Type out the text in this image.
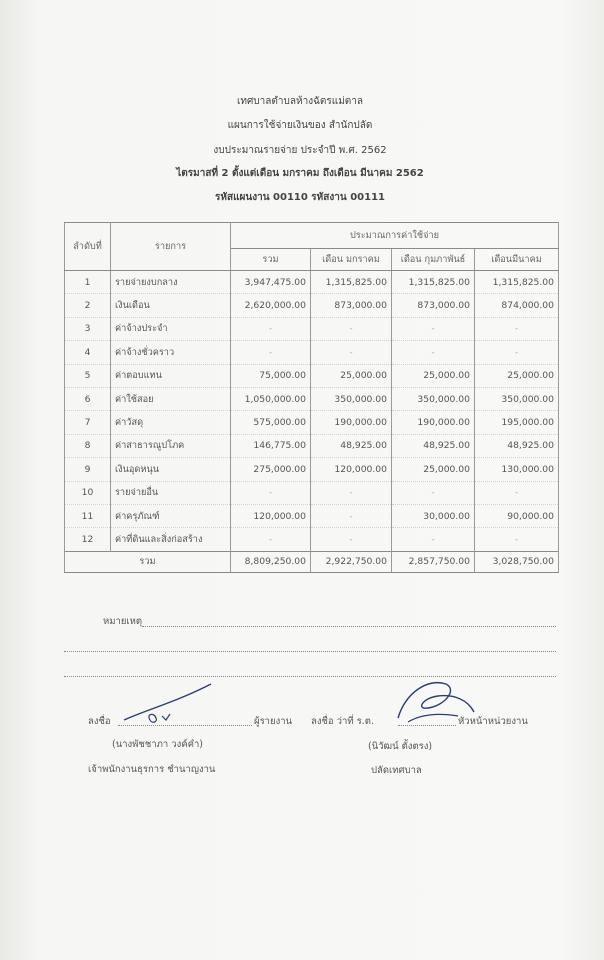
เทศบาลตำบลห้างฉัตรแม่ตาล
แผนการใช้จ่ายเงินของ สำนักปลัด
งบประมาณรายจ่าย ประจำปี พ.ศ. 2562
ไตรมาสที่ 2 ตั้งแต่เดือน มกราคม ถึงเดือน มีนาคม 2562
รหัสแผนงาน 00110 รหัสงาน 00111
ลำดับที่	รายการ	ประมาณการค่าใช้จ่าย			
		รวม	เดือน มกราคม	เดือน กุมภาพันธ์	เดือนมีนาคม
1	รายจ่ายงบกลาง	3,947,475.00	1,315,825.00	1,315,825.00	1,315,825.00
2	เงินเดือน	2,620,000.00	873,000.00	873,000.00	874,000.00
3	ค่าจ้างประจำ	-	-	-	-
4	ค่าจ้างชั่วคราว	-	-	-	-
5	ค่าตอบแทน	75,000.00	25,000.00	25,000.00	25,000.00
6	ค่าใช้สอย	1,050,000.00	350,000.00	350,000.00	350,000.00
7	ค่าวัสดุ	575,000.00	190,000.00	190,000.00	195,000.00
8	ค่าสาธารณูปโภค	146,775.00	48,925.00	48,925.00	48,925.00
9	เงินอุดหนุน	275,000.00	120,000.00	25,000.00	130,000.00
10	รายจ่ายอื่น	-	-	-	-
11	ค่าครุภัณฑ์	120,000.00	-	30,000.00	90,000.00
12	ค่าที่ดินและสิ่งก่อสร้าง	-	-	-	-
รวม		8,809,250.00	2,922,750.00	2,857,750.00	3,028,750.00
หมายเหตุ
ลงชื่อ	ผู้รายงาน
(นางพัชชาภา วงค์คำ)
เจ้าพนักงานธุรการ ชำนาญงาน
ลงชื่อ ว่าที่ ร.ต.	หัวหน้าหน่วยงาน
(นิวัฒน์ ตั้งตรง)
ปลัดเทศบาล
